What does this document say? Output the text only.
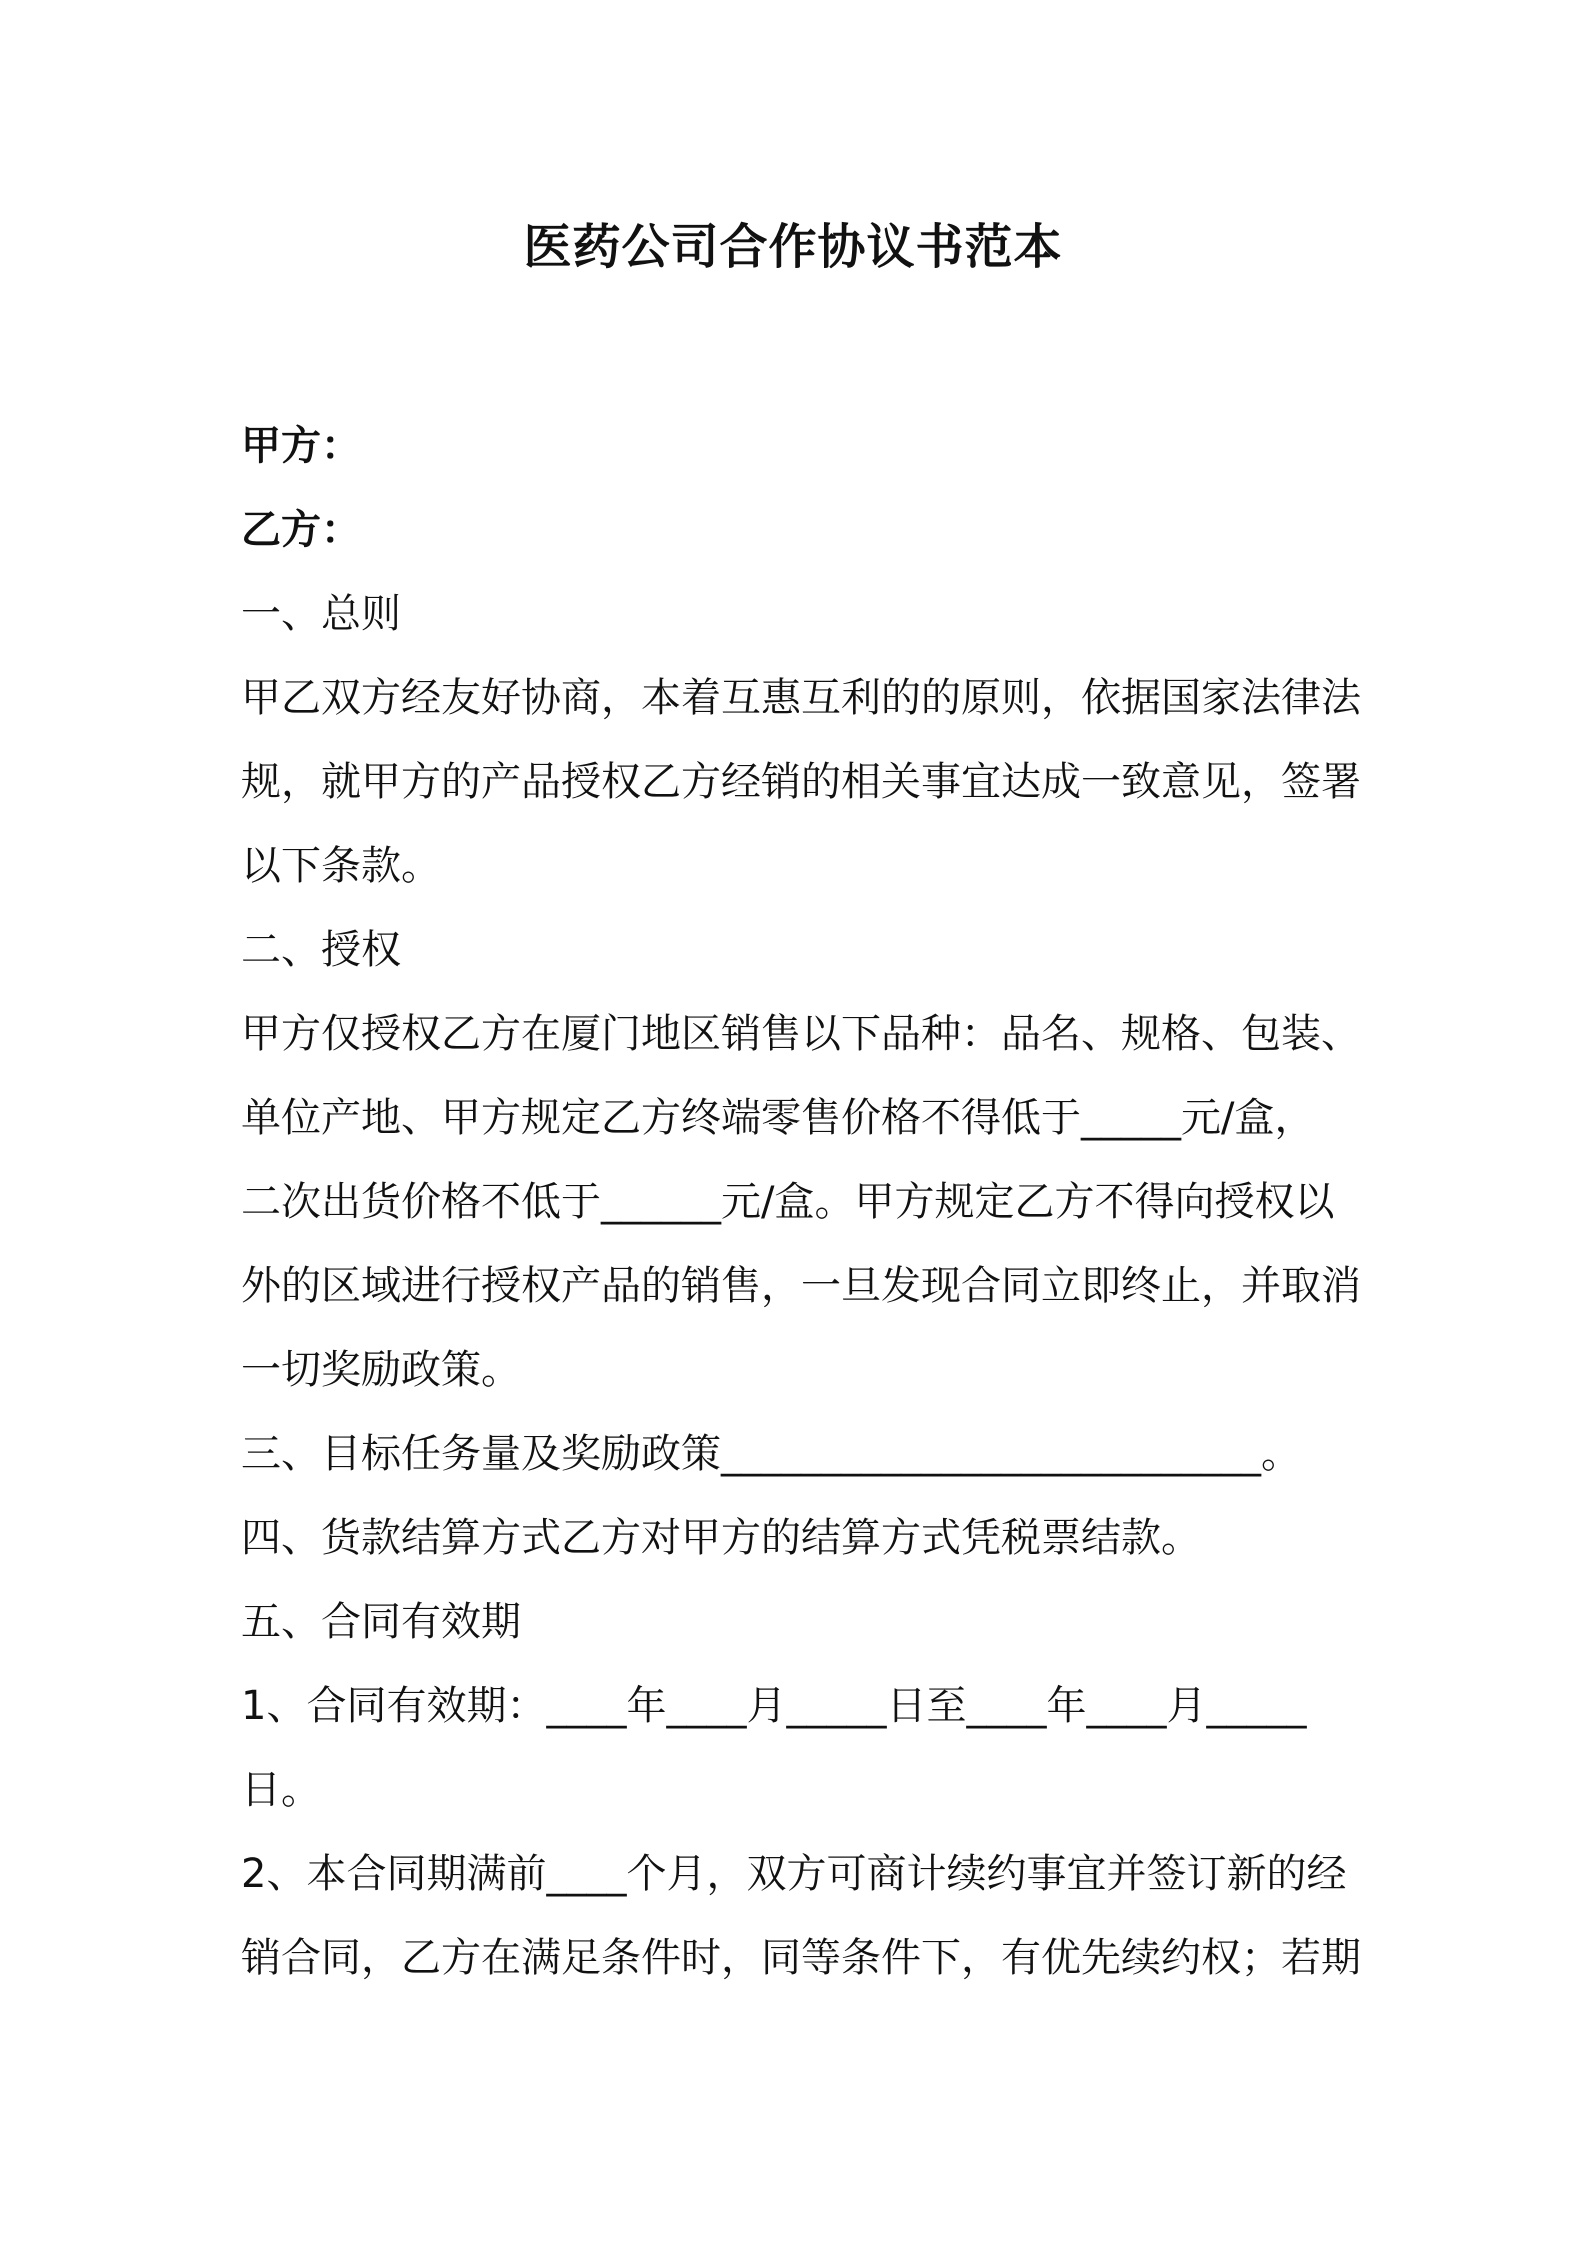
医药公司合作协议书范本
甲方：
乙方：
一、总则
甲乙双方经友好协商，本着互惠互利的的原则，依据国家法律法
规，就甲方的产品授权乙方经销的相关事宜达成一致意见，签署
以下条款。
二、授权
甲方仅授权乙方在厦门地区销售以下品种：品名、规格、包装、
单位产地、甲方规定乙方终端零售价格不得低于_____元/盒，
二次出货价格不低于______元/盒。甲方规定乙方不得向授权以
外的区域进行授权产品的销售，一旦发现合同立即终止，并取消
一切奖励政策。
三、目标任务量及奖励政策___________________________。
四、货款结算方式乙方对甲方的结算方式凭税票结款。
五、合同有效期
1、合同有效期：____年____月_____日至____年____月_____
日。
2、本合同期满前____个月，双方可商计续约事宜并签订新的经
销合同，乙方在满足条件时，同等条件下，有优先续约权；若期
